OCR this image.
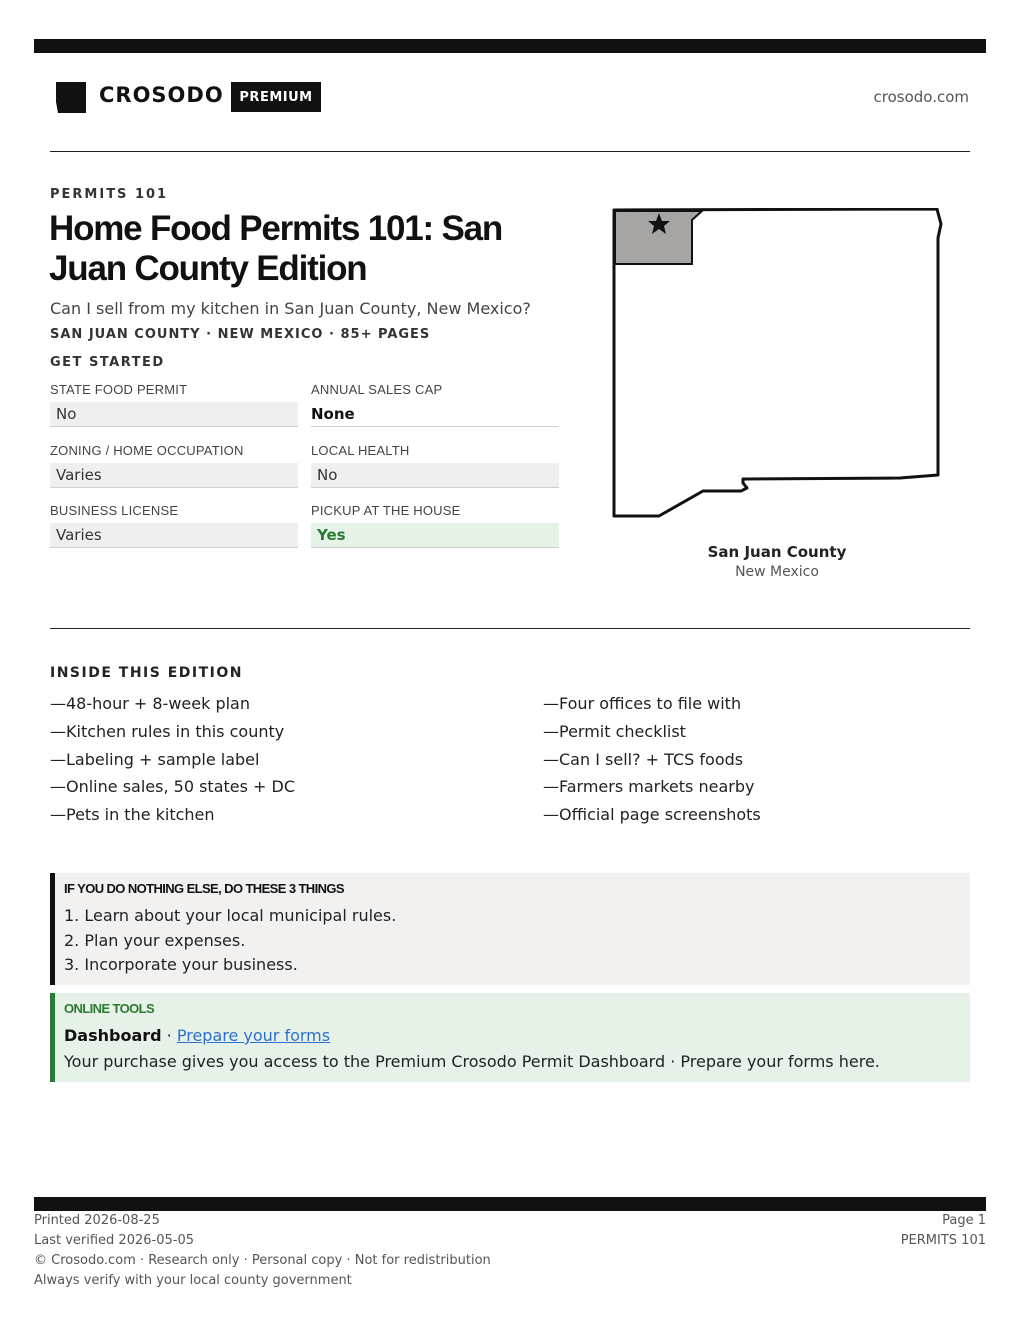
CROSODO	PREMIUM	crosodo.com
PERMITS 101
Home Food Permits 101: San Juan County Edition
Can I sell from my kitchen in San Juan County, New Mexico?
SAN JUAN COUNTY · NEW MEXICO · 85+ PAGES
GET STARTED
STATE FOOD PERMIT
No
ANNUAL SALES CAP
None
ZONING / HOME OCCUPATION
Varies
LOCAL HEALTH
No
BUSINESS LICENSE
Varies
PICKUP AT THE HOUSE
Yes
San Juan County
New Mexico
INSIDE THIS EDITION
—48-hour + 8-week plan
—Kitchen rules in this county
—Labeling + sample label
—Online sales, 50 states + DC
—Pets in the kitchen
—Four offices to file with
—Permit checklist
—Can I sell? + TCS foods
—Farmers markets nearby
—Official page screenshots
IF YOU DO NOTHING ELSE, DO THESE 3 THINGS
1. Learn about your local municipal rules.
2. Plan your expenses.
3. Incorporate your business.
ONLINE TOOLS
Dashboard · Prepare your forms
Your purchase gives you access to the Premium Crosodo Permit Dashboard · Prepare your forms here.
Printed 2026-08-25
Last verified 2026-05-05
© Crosodo.com · Research only · Personal copy · Not for redistribution
Always verify with your local county government
Page 1
PERMITS 101
